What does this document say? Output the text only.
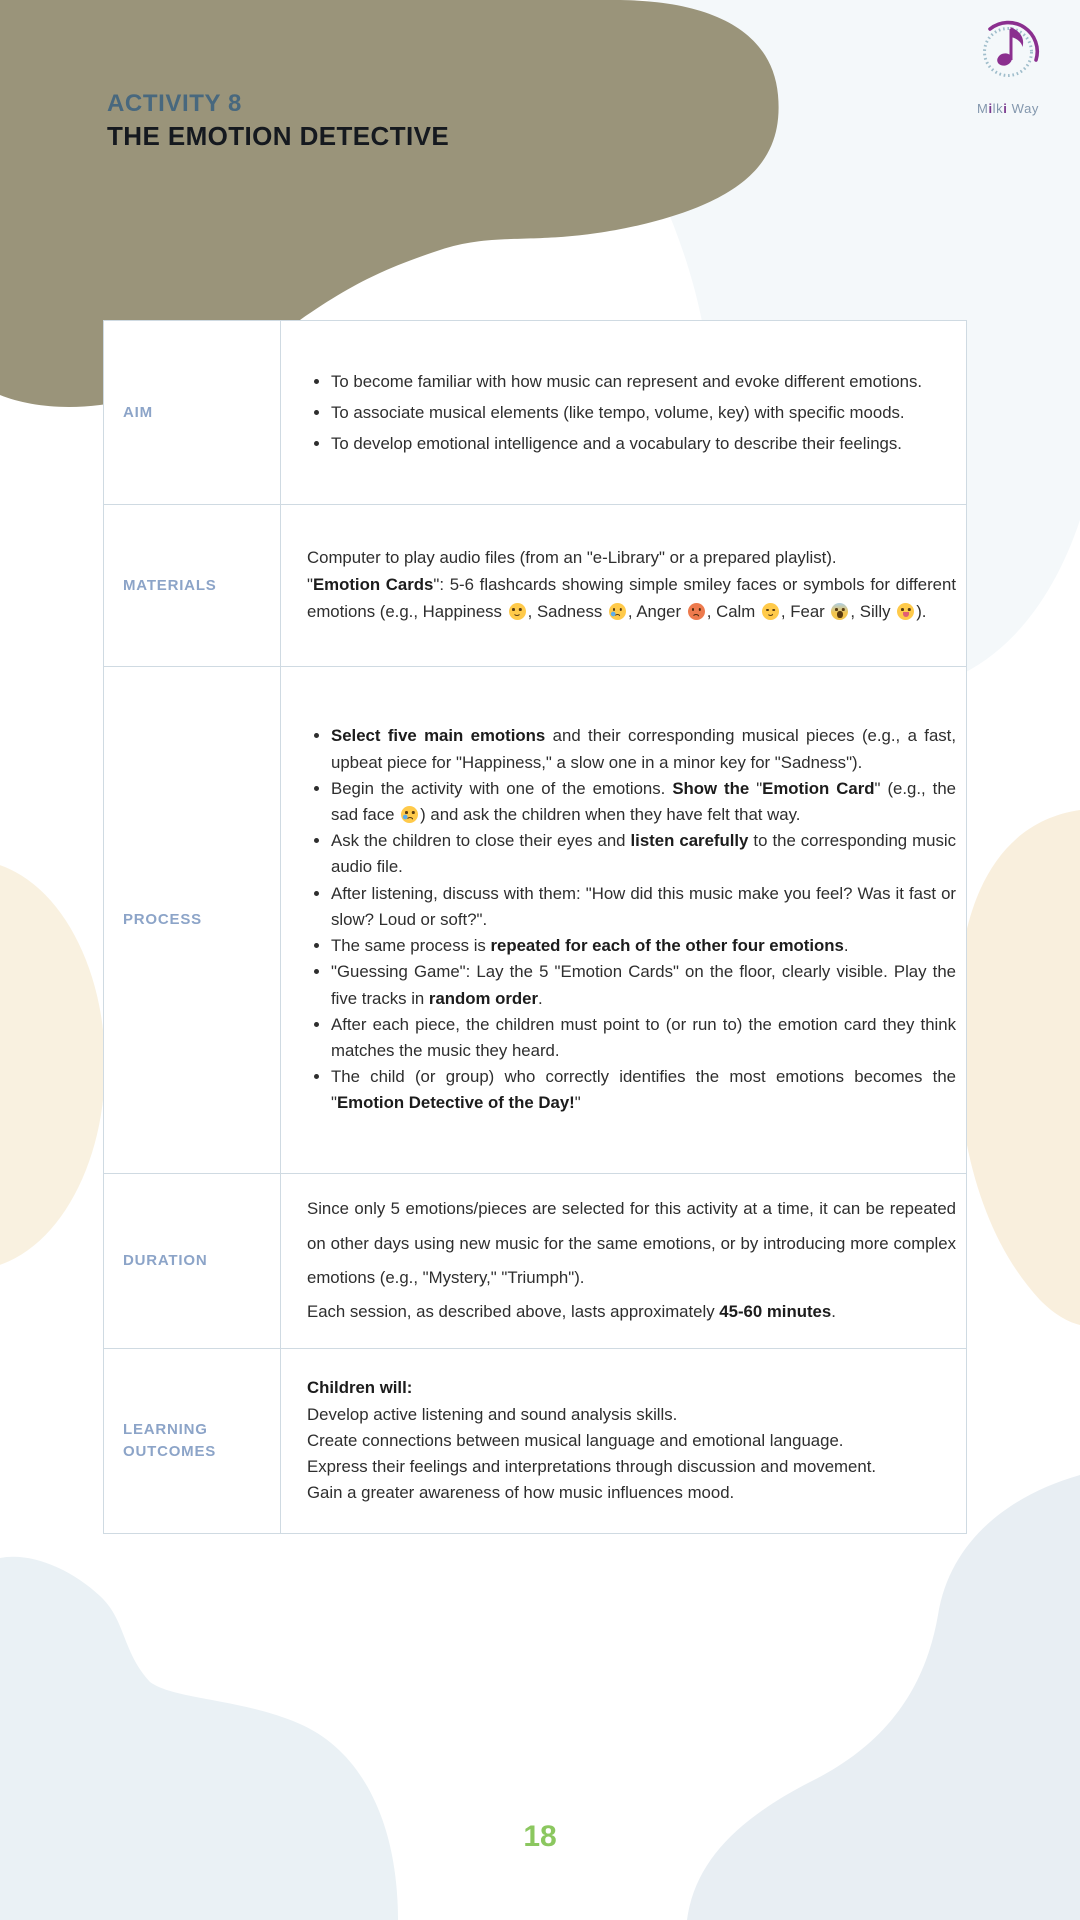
ACTIVITY 8
THE EMOTION DETECTIVE
Milki Way
AIM
• To become familiar with how music can represent and evoke different emotions.
• To associate musical elements (like tempo, volume, key) with specific moods.
• To develop emotional intelligence and a vocabulary to describe their feelings.
MATERIALS
Computer to play audio files (from an "e-Library" or a prepared playlist).
"Emotion Cards": 5-6 flashcards showing simple smiley faces or symbols for different emotions (e.g., Happiness , Sadness , Anger , Calm , Fear , Silly ).
PROCESS
• Select five main emotions and their corresponding musical pieces (e.g., a fast, upbeat piece for "Happiness," a slow one in a minor key for "Sadness").
• Begin the activity with one of the emotions. Show the "Emotion Card" (e.g., the sad face ) and ask the children when they have felt that way.
• Ask the children to close their eyes and listen carefully to the corresponding music audio file.
• After listening, discuss with them: "How did this music make you feel? Was it fast or slow? Loud or soft?".
• The same process is repeated for each of the other four emotions.
• "Guessing Game": Lay the 5 "Emotion Cards" on the floor, clearly visible. Play the five tracks in random order.
• After each piece, the children must point to (or run to) the emotion card they think matches the music they heard.
• The child (or group) who correctly identifies the most emotions becomes the "Emotion Detective of the Day!"
DURATION
Since only 5 emotions/pieces are selected for this activity at a time, it can be repeated on other days using new music for the same emotions, or by introducing more complex emotions (e.g., "Mystery," "Triumph").
Each session, as described above, lasts approximately 45-60 minutes.
LEARNING OUTCOMES
Children will:
Develop active listening and sound analysis skills.
Create connections between musical language and emotional language.
Express their feelings and interpretations through discussion and movement.
Gain a greater awareness of how music influences mood.
18
